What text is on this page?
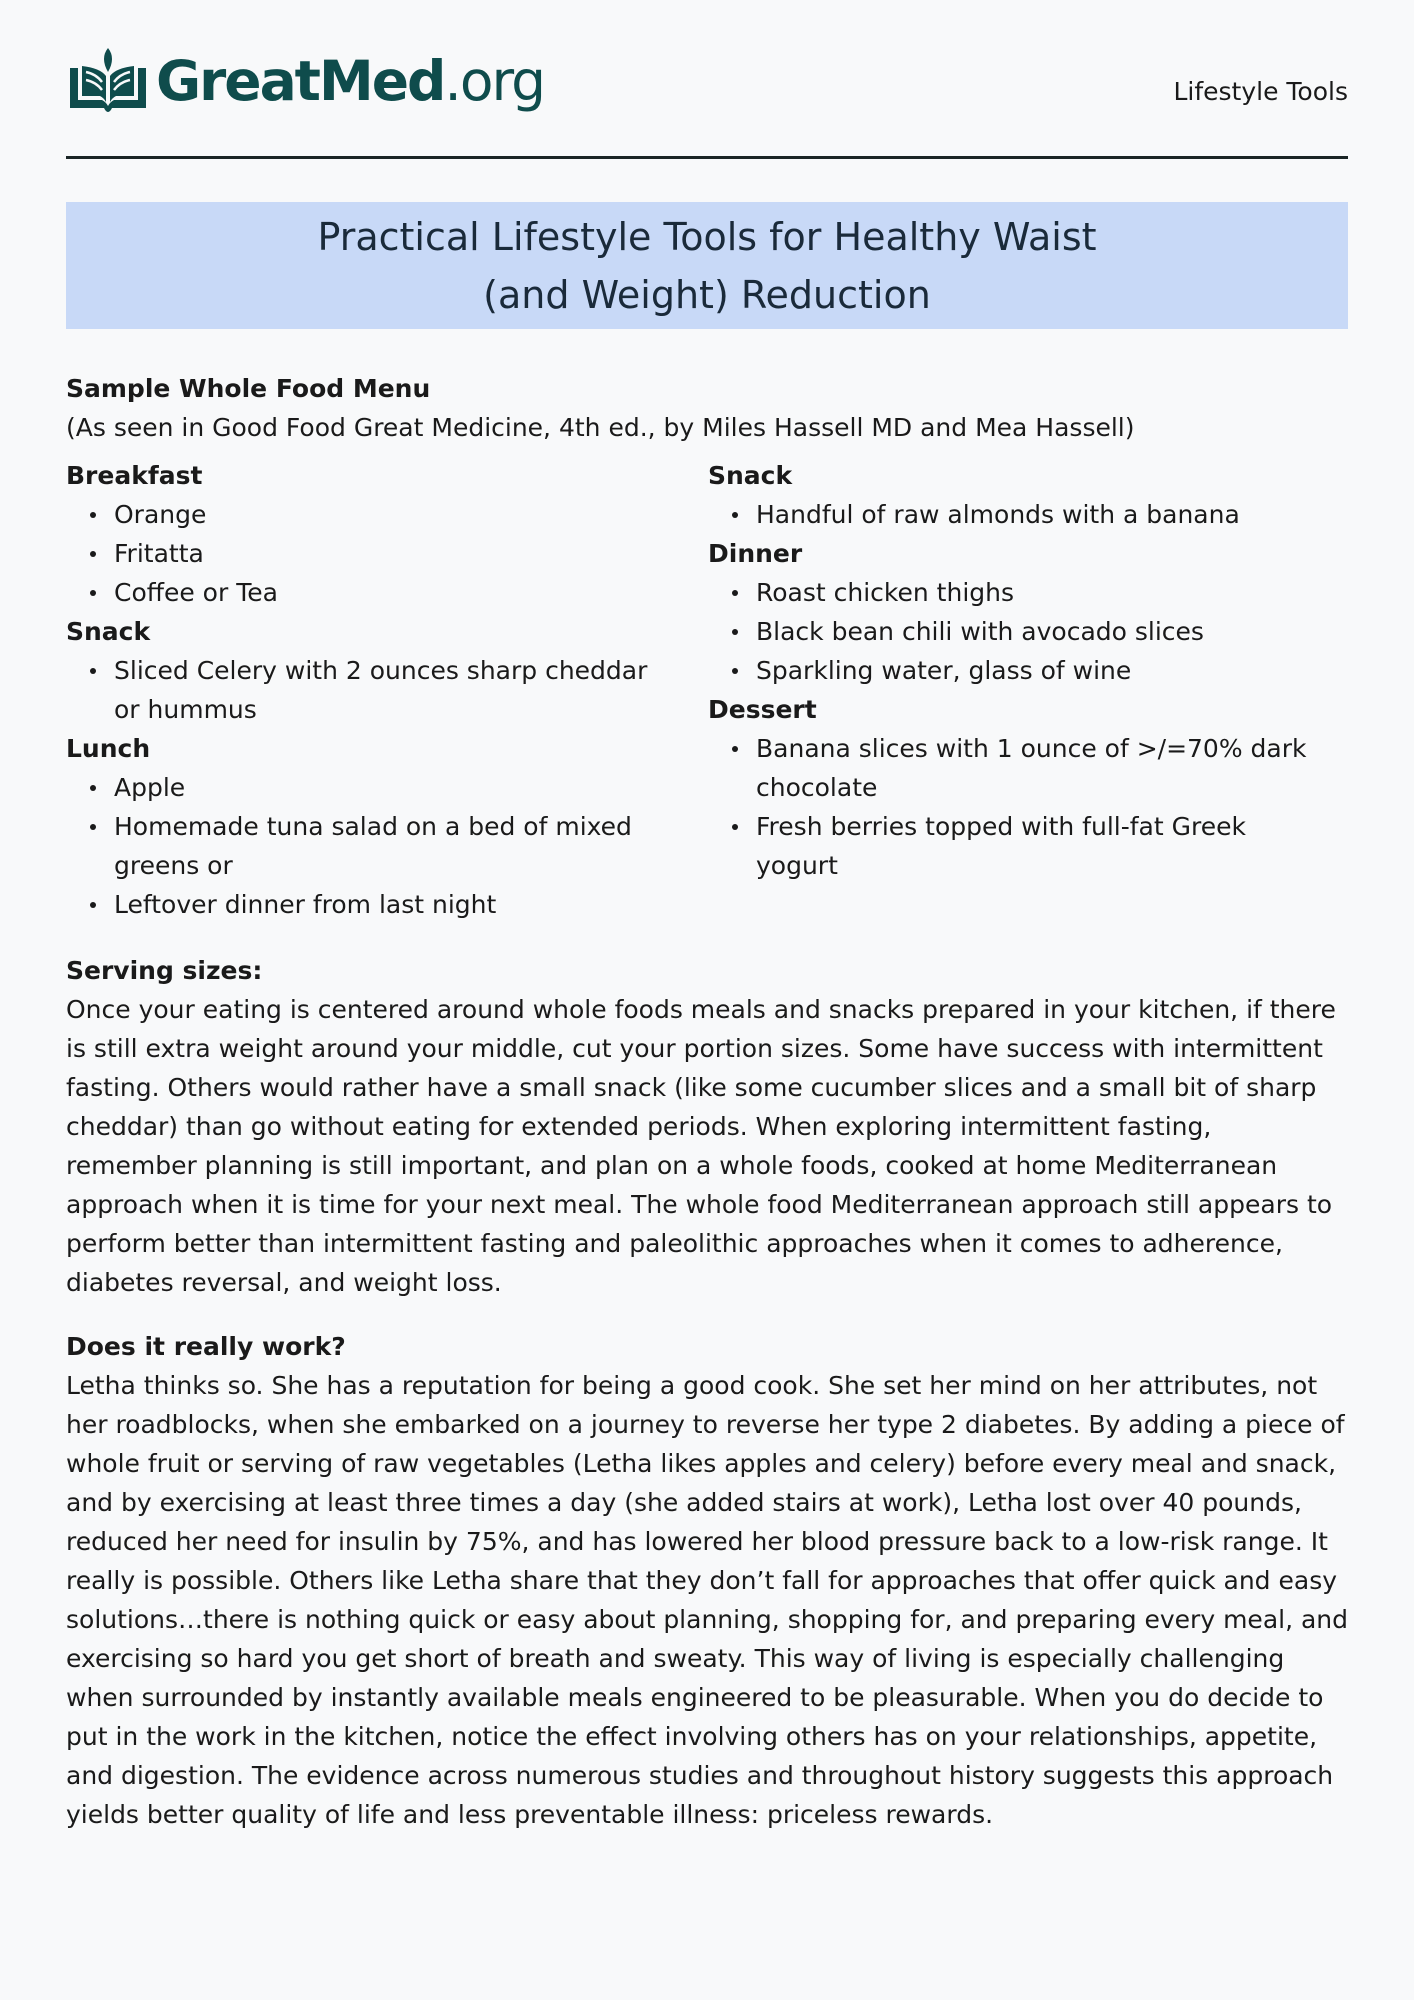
GreatMed.org	Lifestyle Tools
Practical Lifestyle Tools for Healthy Waist
(and Weight) Reduction
Sample Whole Food Menu
(As seen in Good Food Great Medicine, 4th ed., by Miles Hassell MD and Mea Hassell)
Breakfast
Orange
Fritatta
Coffee or Tea
Snack
Sliced Celery with 2 ounces sharp cheddar or hummus
Lunch
Apple
Homemade tuna salad on a bed of mixed greens or
Leftover dinner from last night
Snack
Handful of raw almonds with a banana
Dinner
Roast chicken thighs
Black bean chili with avocado slices
Sparkling water, glass of wine
Dessert
Banana slices with 1 ounce of >/=70% dark chocolate
Fresh berries topped with full-fat Greek yogurt
Serving sizes:

Once your eating is centered around whole foods meals and snacks prepared in your kitchen, if there is still extra weight around your middle, cut your portion sizes. Some have success with intermittent fasting. Others would rather have a small snack (like some cucumber slices and a small bit of sharp cheddar) than go without eating for extended periods. When exploring intermittent fasting, remember planning is still important, and plan on a whole foods, cooked at home Mediterranean approach when it is time for your next meal. The whole food Mediterranean approach still appears to perform better than intermittent fasting and paleolithic approaches when it comes to adherence, diabetes reversal, and weight loss.

Does it really work?

Letha thinks so. She has a reputation for being a good cook. She set her mind on her attributes, not her roadblocks, when she embarked on a journey to reverse her type 2 diabetes. By adding a piece of whole fruit or serving of raw vegetables (Letha likes apples and celery) before every meal and snack, and by exercising at least three times a day (she added stairs at work), Letha lost over 40 pounds, reduced her need for insulin by 75%, and has lowered her blood pressure back to a low-risk range. It really is possible. Others like Letha share that they don’t fall for approaches that offer quick and easy solutions…there is nothing quick or easy about planning, shopping for, and preparing every meal, and exercising so hard you get short of breath and sweaty. This way of living is especially challenging when surrounded by instantly available meals engineered to be pleasurable. When you do decide to put in the work in the kitchen, notice the effect involving others has on your relationships, appetite, and digestion. The evidence across numerous studies and throughout history suggests this approach yields better quality of life and less preventable illness: priceless rewards.
